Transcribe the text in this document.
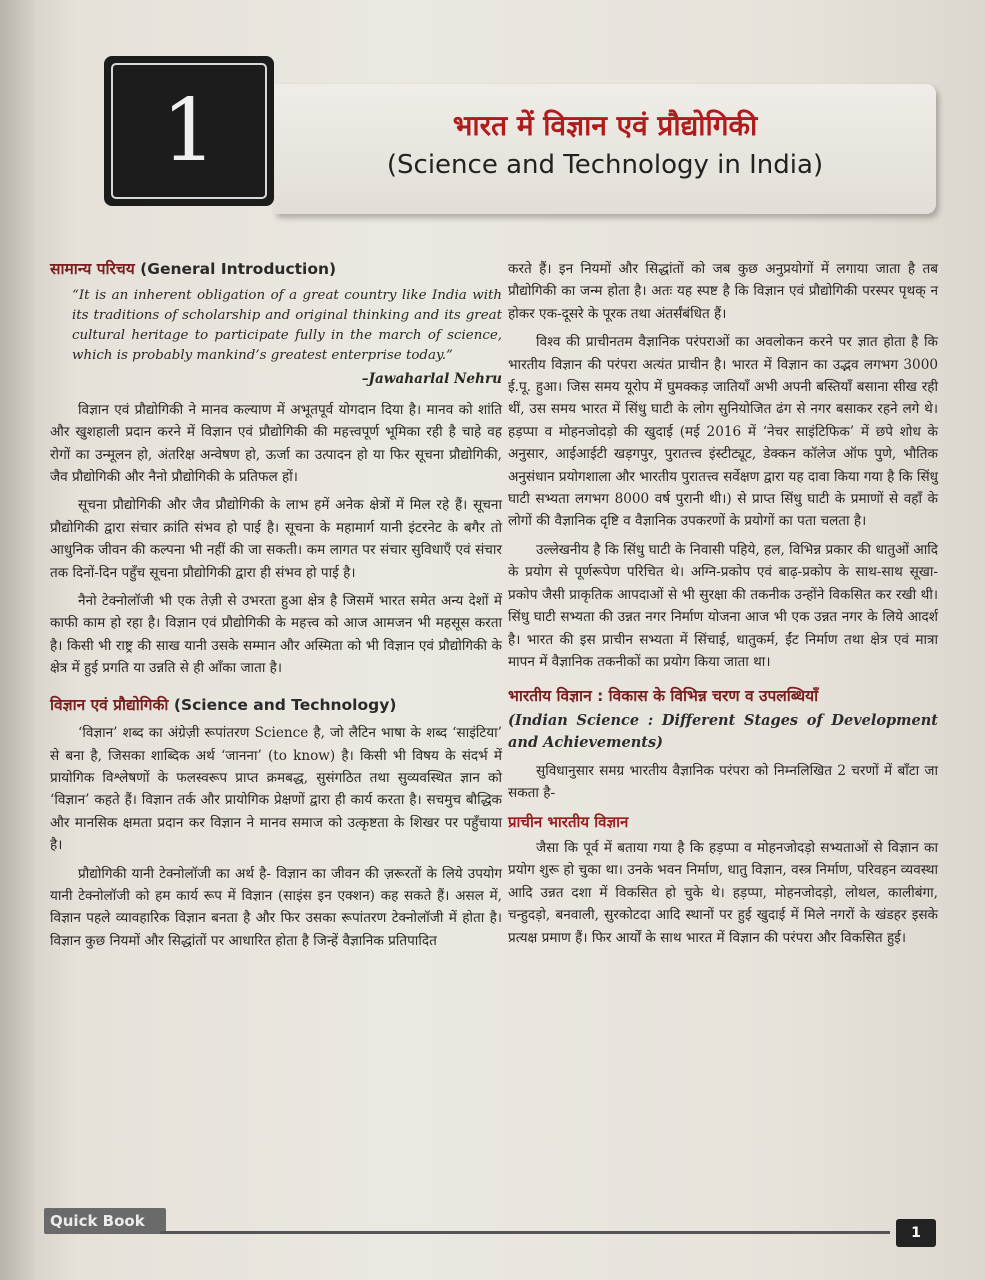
1	भारत में विज्ञान एवं प्रौद्योगिकी
(Science and Technology in India)
सामान्य परिचय (General Introduction)

“It is an inherent obligation of a great country like India with its traditions of scholarship and original thinking and its great cultural heritage to participate fully in the march of science, which is probably mankind’s greatest enterprise today.”

–Jawaharlal Nehru

विज्ञान एवं प्रौद्योगिकी ने मानव कल्याण में अभूतपूर्व योगदान दिया है। मानव को शांति और खुशहाली प्रदान करने में विज्ञान एवं प्रौद्योगिकी की महत्त्वपूर्ण भूमिका रही है चाहे वह रोगों का उन्मूलन हो, अंतरिक्ष अन्वेषण हो, ऊर्जा का उत्पादन हो या फिर सूचना प्रौद्योगिकी, जैव प्रौद्योगिकी और नैनो प्रौद्योगिकी के प्रतिफल हों।

सूचना प्रौद्योगिकी और जैव प्रौद्योगिकी के लाभ हमें अनेक क्षेत्रों में मिल रहे हैं। सूचना प्रौद्योगिकी द्वारा संचार क्रांति संभव हो पाई है। सूचना के महामार्ग यानी इंटरनेट के बगैर तो आधुनिक जीवन की कल्पना भी नहीं की जा सकती। कम लागत पर संचार सुविधाएँ एवं संचार तक दिनों-दिन पहुँच सूचना प्रौद्योगिकी द्वारा ही संभव हो पाई है।

नैनो टेक्नोलॉजी भी एक तेज़ी से उभरता हुआ क्षेत्र है जिसमें भारत समेत अन्य देशों में काफी काम हो रहा है। विज्ञान एवं प्रौद्योगिकी के महत्त्व को आज आमजन भी महसूस करता है। किसी भी राष्ट्र की साख यानी उसके सम्मान और अस्मिता को भी विज्ञान एवं प्रौद्योगिकी के क्षेत्र में हुई प्रगति या उन्नति से ही आँका जाता है।

विज्ञान एवं प्रौद्योगिकी (Science and Technology)

‘विज्ञान’ शब्द का अंग्रेज़ी रूपांतरण Science है, जो लैटिन भाषा के शब्द ‘साइंटिया’ से बना है, जिसका शाब्दिक अर्थ ‘जानना’ (to know) है। किसी भी विषय के संदर्भ में प्रायोगिक विश्लेषणों के फलस्वरूप प्राप्त क्रमबद्ध, सुसंगठित तथा सुव्यवस्थित ज्ञान को ‘विज्ञान’ कहते हैं। विज्ञान तर्क और प्रायोगिक प्रेक्षणों द्वारा ही कार्य करता है। सचमुच बौद्धिक और मानसिक क्षमता प्रदान कर विज्ञान ने मानव समाज को उत्कृष्टता के शिखर पर पहुँचाया है।

प्रौद्योगिकी यानी टेक्नोलॉजी का अर्थ है- विज्ञान का जीवन की ज़रूरतों के लिये उपयोग यानी टेक्नोलॉजी को हम कार्य रूप में विज्ञान (साइंस इन एक्शन) कह सकते हैं। असल में, विज्ञान पहले व्यावहारिक विज्ञान बनता है और फिर उसका रूपांतरण टेक्नोलॉजी में होता है। विज्ञान कुछ नियमों और सिद्धांतों पर आधारित होता है जिन्हें वैज्ञानिक प्रतिपादित

करते हैं। इन नियमों और सिद्धांतों को जब कुछ अनुप्रयोगों में लगाया जाता है तब प्रौद्योगिकी का जन्म होता है। अतः यह स्पष्ट है कि विज्ञान एवं प्रौद्योगिकी परस्पर पृथक् न होकर एक-दूसरे के पूरक तथा अंतर्संबंधित हैं।

विश्व की प्राचीनतम वैज्ञानिक परंपराओं का अवलोकन करने पर ज्ञात होता है कि भारतीय विज्ञान की परंपरा अत्यंत प्राचीन है। भारत में विज्ञान का उद्भव लगभग 3000 ई.पू. हुआ। जिस समय यूरोप में घुमक्कड़ जातियाँ अभी अपनी बस्तियाँ बसाना सीख रही थीं, उस समय भारत में सिंधु घाटी के लोग सुनियोजित ढंग से नगर बसाकर रहने लगे थे। हड़प्पा व मोहनजोदड़ो की खुदाई (मई 2016 में ‘नेचर साइंटिफिक’ में छपे शोध के अनुसार, आईआईटी खड़गपुर, पुरातत्त्व इंस्टीट्यूट, डेक्कन कॉलेज ऑफ पुणे, भौतिक अनुसंधान प्रयोगशाला और भारतीय पुरातत्त्व सर्वेक्षण द्वारा यह दावा किया गया है कि सिंधु घाटी सभ्यता लगभग 8000 वर्ष पुरानी थी।) से प्राप्त सिंधु घाटी के प्रमाणों से वहाँ के लोगों की वैज्ञानिक दृष्टि व वैज्ञानिक उपकरणों के प्रयोगों का पता चलता है।

उल्लेखनीय है कि सिंधु घाटी के निवासी पहिये, हल, विभिन्न प्रकार की धातुओं आदि के प्रयोग से पूर्णरूपेण परिचित थे। अग्नि-प्रकोप एवं बाढ़-प्रकोप के साथ-साथ सूखा-प्रकोप जैसी प्राकृतिक आपदाओं से भी सुरक्षा की तकनीक उन्होंने विकसित कर रखी थी। सिंधु घाटी सभ्यता की उन्नत नगर निर्माण योजना आज भी एक उन्नत नगर के लिये आदर्श है। भारत की इस प्राचीन सभ्यता में सिंचाई, धातुकर्म, ईंट निर्माण तथा क्षेत्र एवं मात्रा मापन में वैज्ञानिक तकनीकों का प्रयोग किया जाता था।

भारतीय विज्ञान : विकास के विभिन्न चरण व उपलब्धियाँ

(Indian Science : Different Stages of Development and Achievements)

सुविधानुसार समग्र भारतीय वैज्ञानिक परंपरा को निम्नलिखित 2 चरणों में बाँटा जा सकता है-

प्राचीन भारतीय विज्ञान

जैसा कि पूर्व में बताया गया है कि हड़प्पा व मोहनजोदड़ो सभ्यताओं से विज्ञान का प्रयोग शुरू हो चुका था। उनके भवन निर्माण, धातु विज्ञान, वस्त्र निर्माण, परिवहन व्यवस्था आदि उन्नत दशा में विकसित हो चुके थे। हड़प्पा, मोहनजोदड़ो, लोथल, कालीबंगा, चन्हुदड़ो, बनवाली, सुरकोटदा आदि स्थानों पर हुई खुदाई में मिले नगरों के खंडहर इसके प्रत्यक्ष प्रमाण हैं। फिर आर्यों के साथ भारत में विज्ञान की परंपरा और विकसित हुई।

Quick Book
1
